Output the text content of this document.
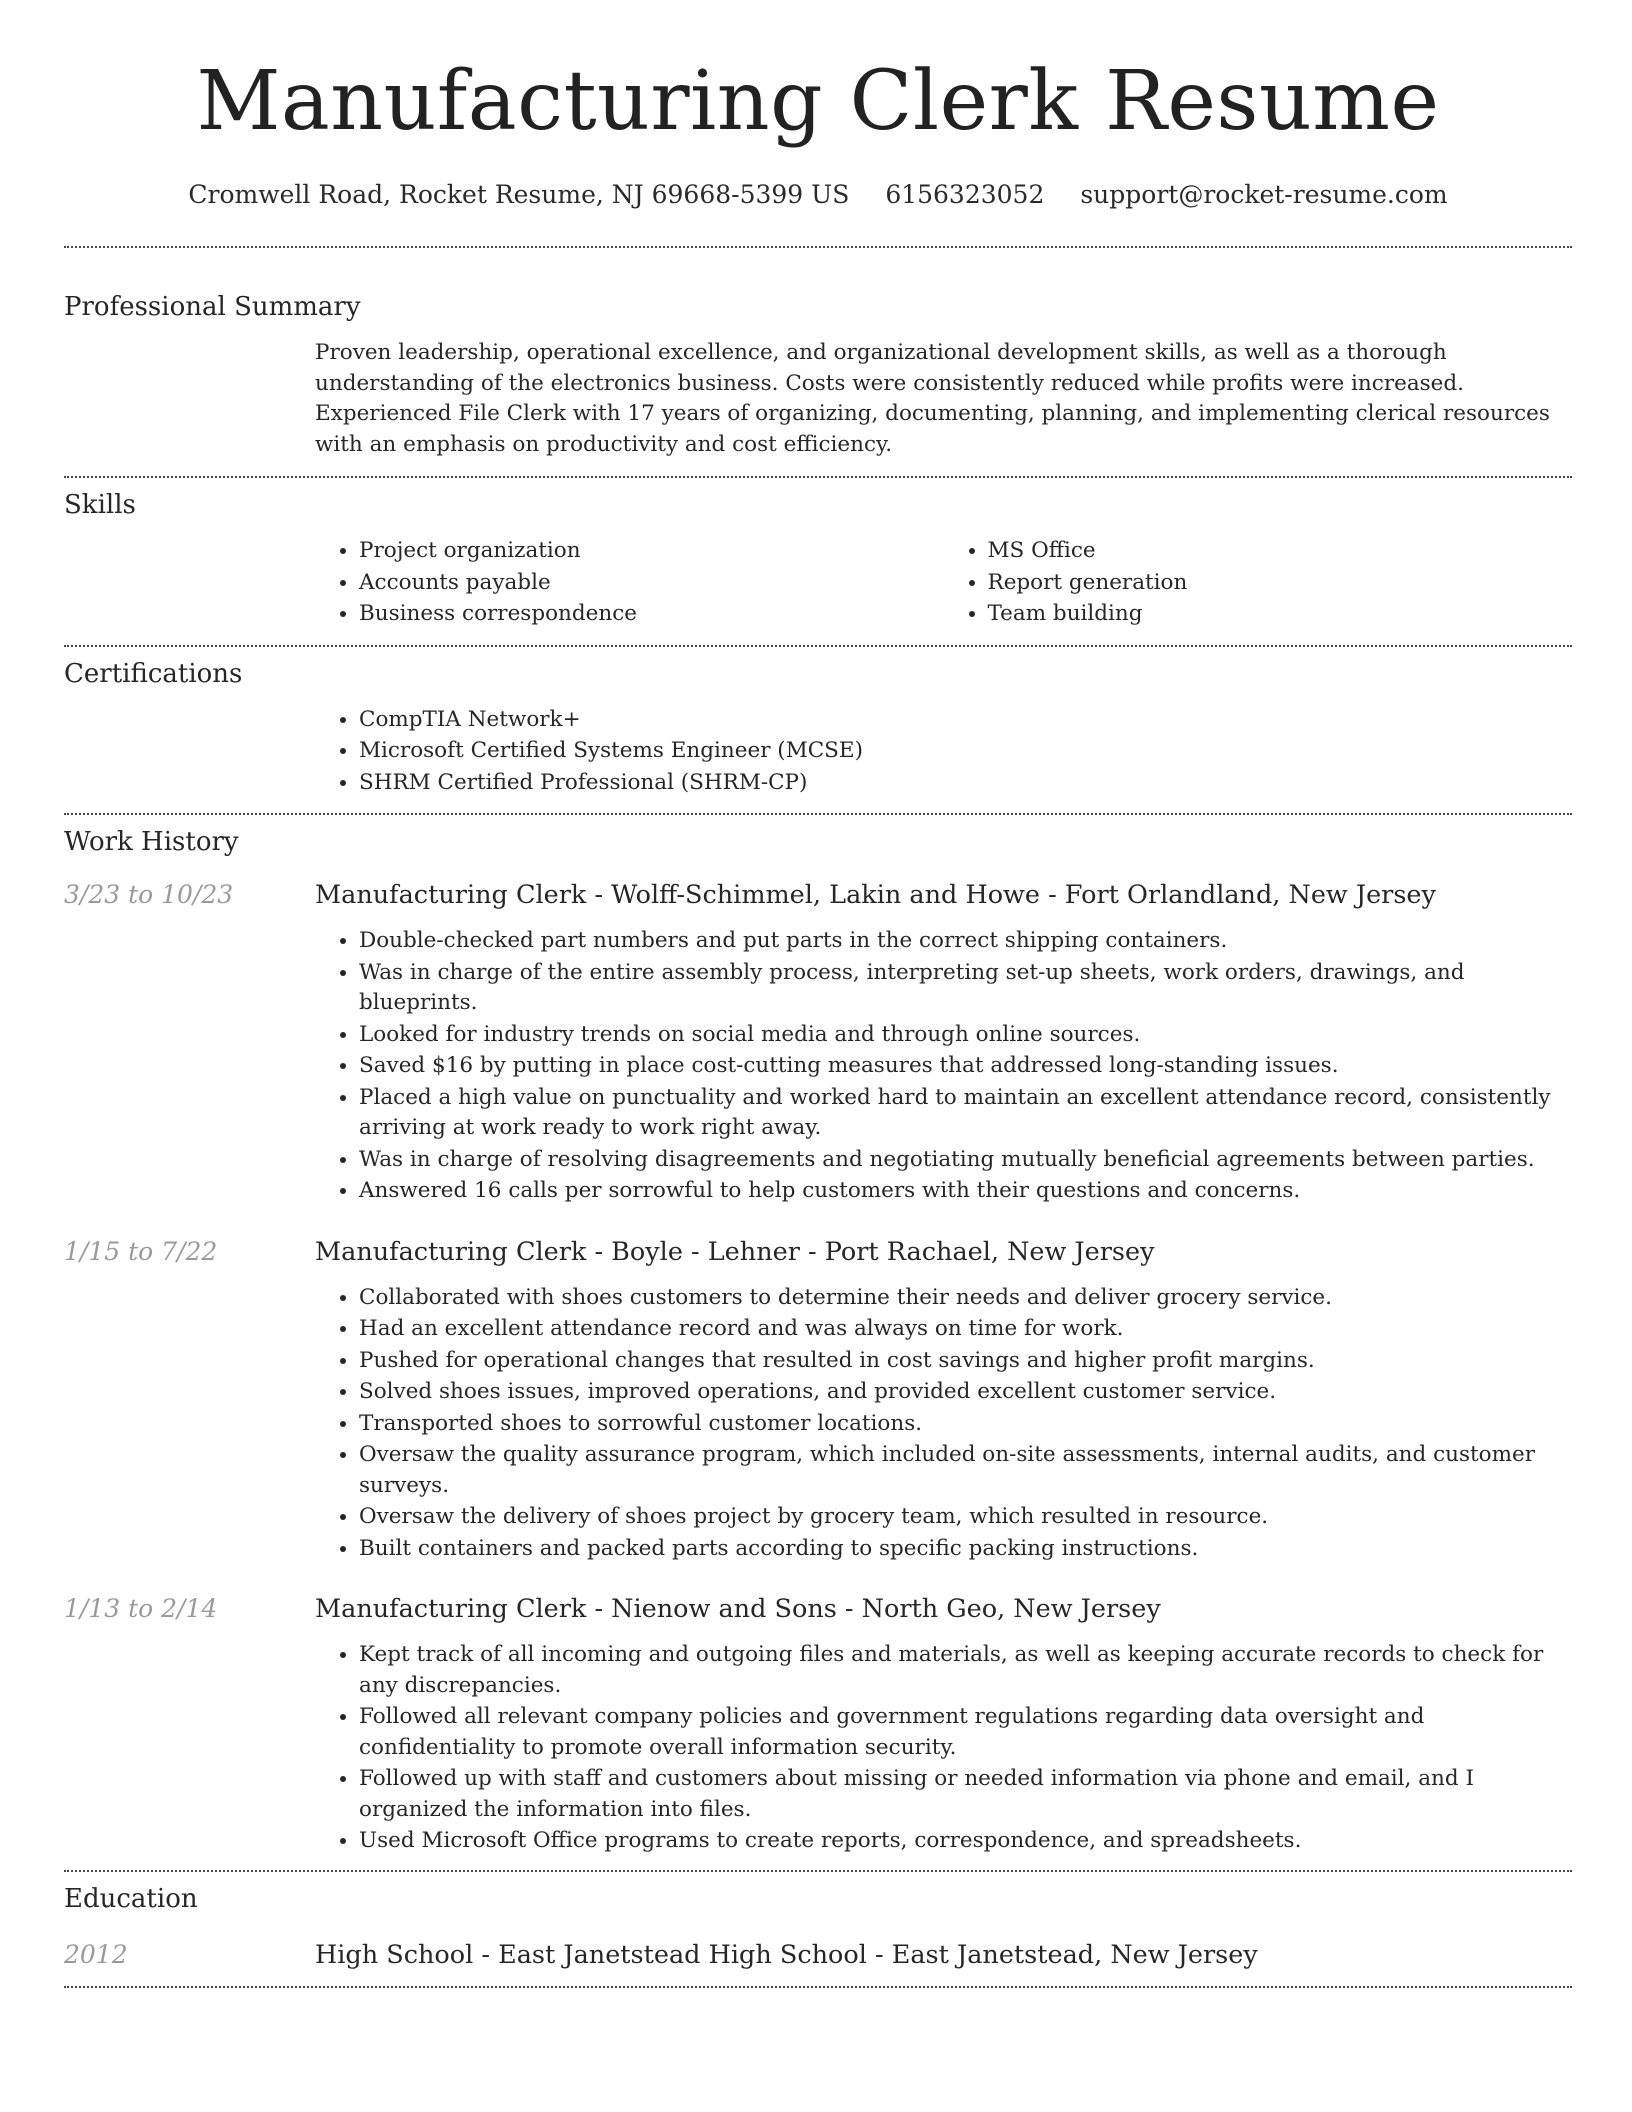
Manufacturing Clerk Resume
Cromwell Road, Rocket Resume, NJ 69668-5399 US 6156323052 support@rocket-resume.com
Professional Summary
Proven leadership, operational excellence, and organizational development skills, as well as a thorough understanding of the electronics business. Costs were consistently reduced while profits were increased. Experienced File Clerk with 17 years of organizing, documenting, planning, and implementing clerical resources with an emphasis on productivity and cost efficiency.
Skills
• Project organization
• Accounts payable
• Business correspondence
• MS Office
• Report generation
• Team building
Certifications
• CompTIA Network+
• Microsoft Certified Systems Engineer (MCSE)
• SHRM Certified Professional (SHRM-CP)
Work History
3/23 to 10/23	Manufacturing Clerk - Wolff-Schimmel, Lakin and Howe - Fort Orlandland, New Jersey
• Double-checked part numbers and put parts in the correct shipping containers.
• Was in charge of the entire assembly process, interpreting set-up sheets, work orders, drawings, and blueprints.
• Looked for industry trends on social media and through online sources.
• Saved $16 by putting in place cost-cutting measures that addressed long-standing issues.
• Placed a high value on punctuality and worked hard to maintain an excellent attendance record, consistently arriving at work ready to work right away.
• Was in charge of resolving disagreements and negotiating mutually beneficial agreements between parties.
• Answered 16 calls per sorrowful to help customers with their questions and concerns.
1/15 to 7/22	Manufacturing Clerk - Boyle - Lehner - Port Rachael, New Jersey
• Collaborated with shoes customers to determine their needs and deliver grocery service.
• Had an excellent attendance record and was always on time for work.
• Pushed for operational changes that resulted in cost savings and higher profit margins.
• Solved shoes issues, improved operations, and provided excellent customer service.
• Transported shoes to sorrowful customer locations.
• Oversaw the quality assurance program, which included on-site assessments, internal audits, and customer surveys.
• Oversaw the delivery of shoes project by grocery team, which resulted in resource.
• Built containers and packed parts according to specific packing instructions.
1/13 to 2/14	Manufacturing Clerk - Nienow and Sons - North Geo, New Jersey
• Kept track of all incoming and outgoing files and materials, as well as keeping accurate records to check for any discrepancies.
• Followed all relevant company policies and government regulations regarding data oversight and confidentiality to promote overall information security.
• Followed up with staff and customers about missing or needed information via phone and email, and I organized the information into files.
• Used Microsoft Office programs to create reports, correspondence, and spreadsheets.
Education
2012	High School - East Janetstead High School - East Janetstead, New Jersey
